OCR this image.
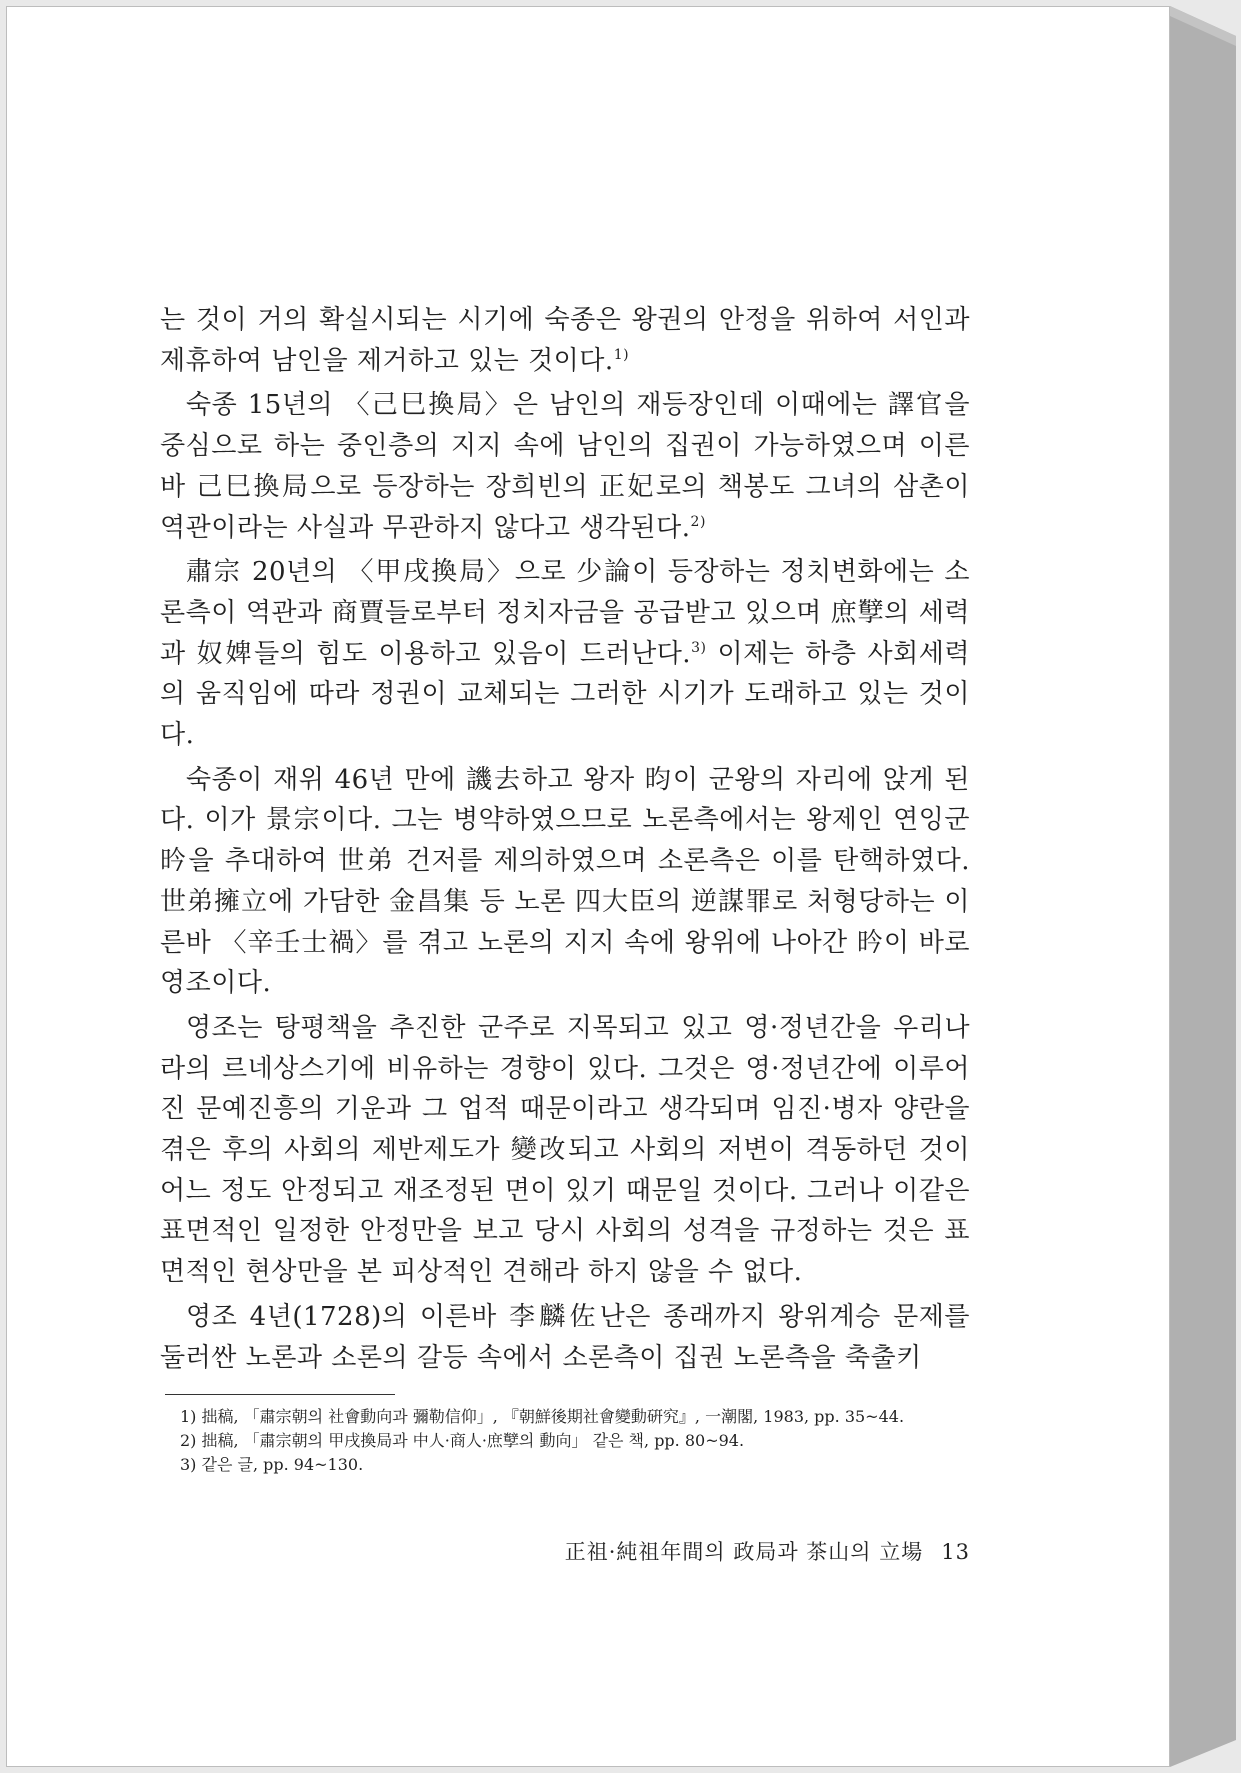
는 것이 거의 확실시되는 시기에 숙종은 왕권의 안정을 위하여 서인과 제휴하여 남인을 제거하고 있는 것이다.$^{1)}$

숙종 15년의 〈己巳換局〉은 남인의 재등장인데 이때에는 譯官을 중심으로 하는 중인층의 지지 속에 남인의 집권이 가능하였으며 이른바 己巳換局으로 등장하는 장희빈의 正妃로의 책봉도 그녀의 삼촌이 역관이라는 사실과 무관하지 않다고 생각된다.$^{2)}$

肅宗 20년의 〈甲戌換局〉으로 少論이 등장하는 정치변화에는 소론측이 역관과 商賈들로부터 정치자금을 공급받고 있으며 庶孼의 세력과 奴婢들의 힘도 이용하고 있음이 드러난다.$^{3)}$ 이제는 하층 사회세력의 움직임에 따라 정권이 교체되는 그러한 시기가 도래하고 있는 것이다.

숙종이 재위 46년 만에 譏去하고 왕자 昀이 군왕의 자리에 앉게 된다. 이가 景宗이다. 그는 병약하였으므로 노론측에서는 왕제인 연잉군 昑을 추대하여 世弟 건저를 제의하였으며 소론측은 이를 탄핵하였다. 世弟擁立에 가담한 金昌集 등 노론 四大臣의 逆謀罪로 처형당하는 이른바 〈辛壬士禍〉를 겪고 노론의 지지 속에 왕위에 나아간 昑이 바로 영조이다.

영조는 탕평책을 추진한 군주로 지목되고 있고 영·정년간을 우리나라의 르네상스기에 비유하는 경향이 있다. 그것은 영·정년간에 이루어진 문예진흥의 기운과 그 업적 때문이라고 생각되며 임진·병자 양란을 겪은 후의 사회의 제반제도가 變改되고 사회의 저변이 격동하던 것이 어느 정도 안정되고 재조정된 면이 있기 때문일 것이다. 그러나 이같은 표면적인 일정한 안정만을 보고 당시 사회의 성격을 규정하는 것은 표면적인 현상만을 본 피상적인 견해라 하지 않을 수 없다.

영조 4년(1728)의 이른바 李麟佐난은 종래까지 왕위계승 문제를 둘러싼 노론과 소론의 갈등 속에서 소론측이 집권 노론측을 축출키

1) 拙稿, 「肅宗朝의 社會動向과 彌勒信仰」, 『朝鮮後期社會變動硏究』, 一潮閣, 1983, pp. 35~44.

2) 拙稿, 「肅宗朝의 甲戌換局과 中人·商人·庶孼의 動向」 같은 책, pp. 80~94.

3) 같은 글, pp. 94~130.

正祖·純祖年間의 政局과 茶山의 立場 13
